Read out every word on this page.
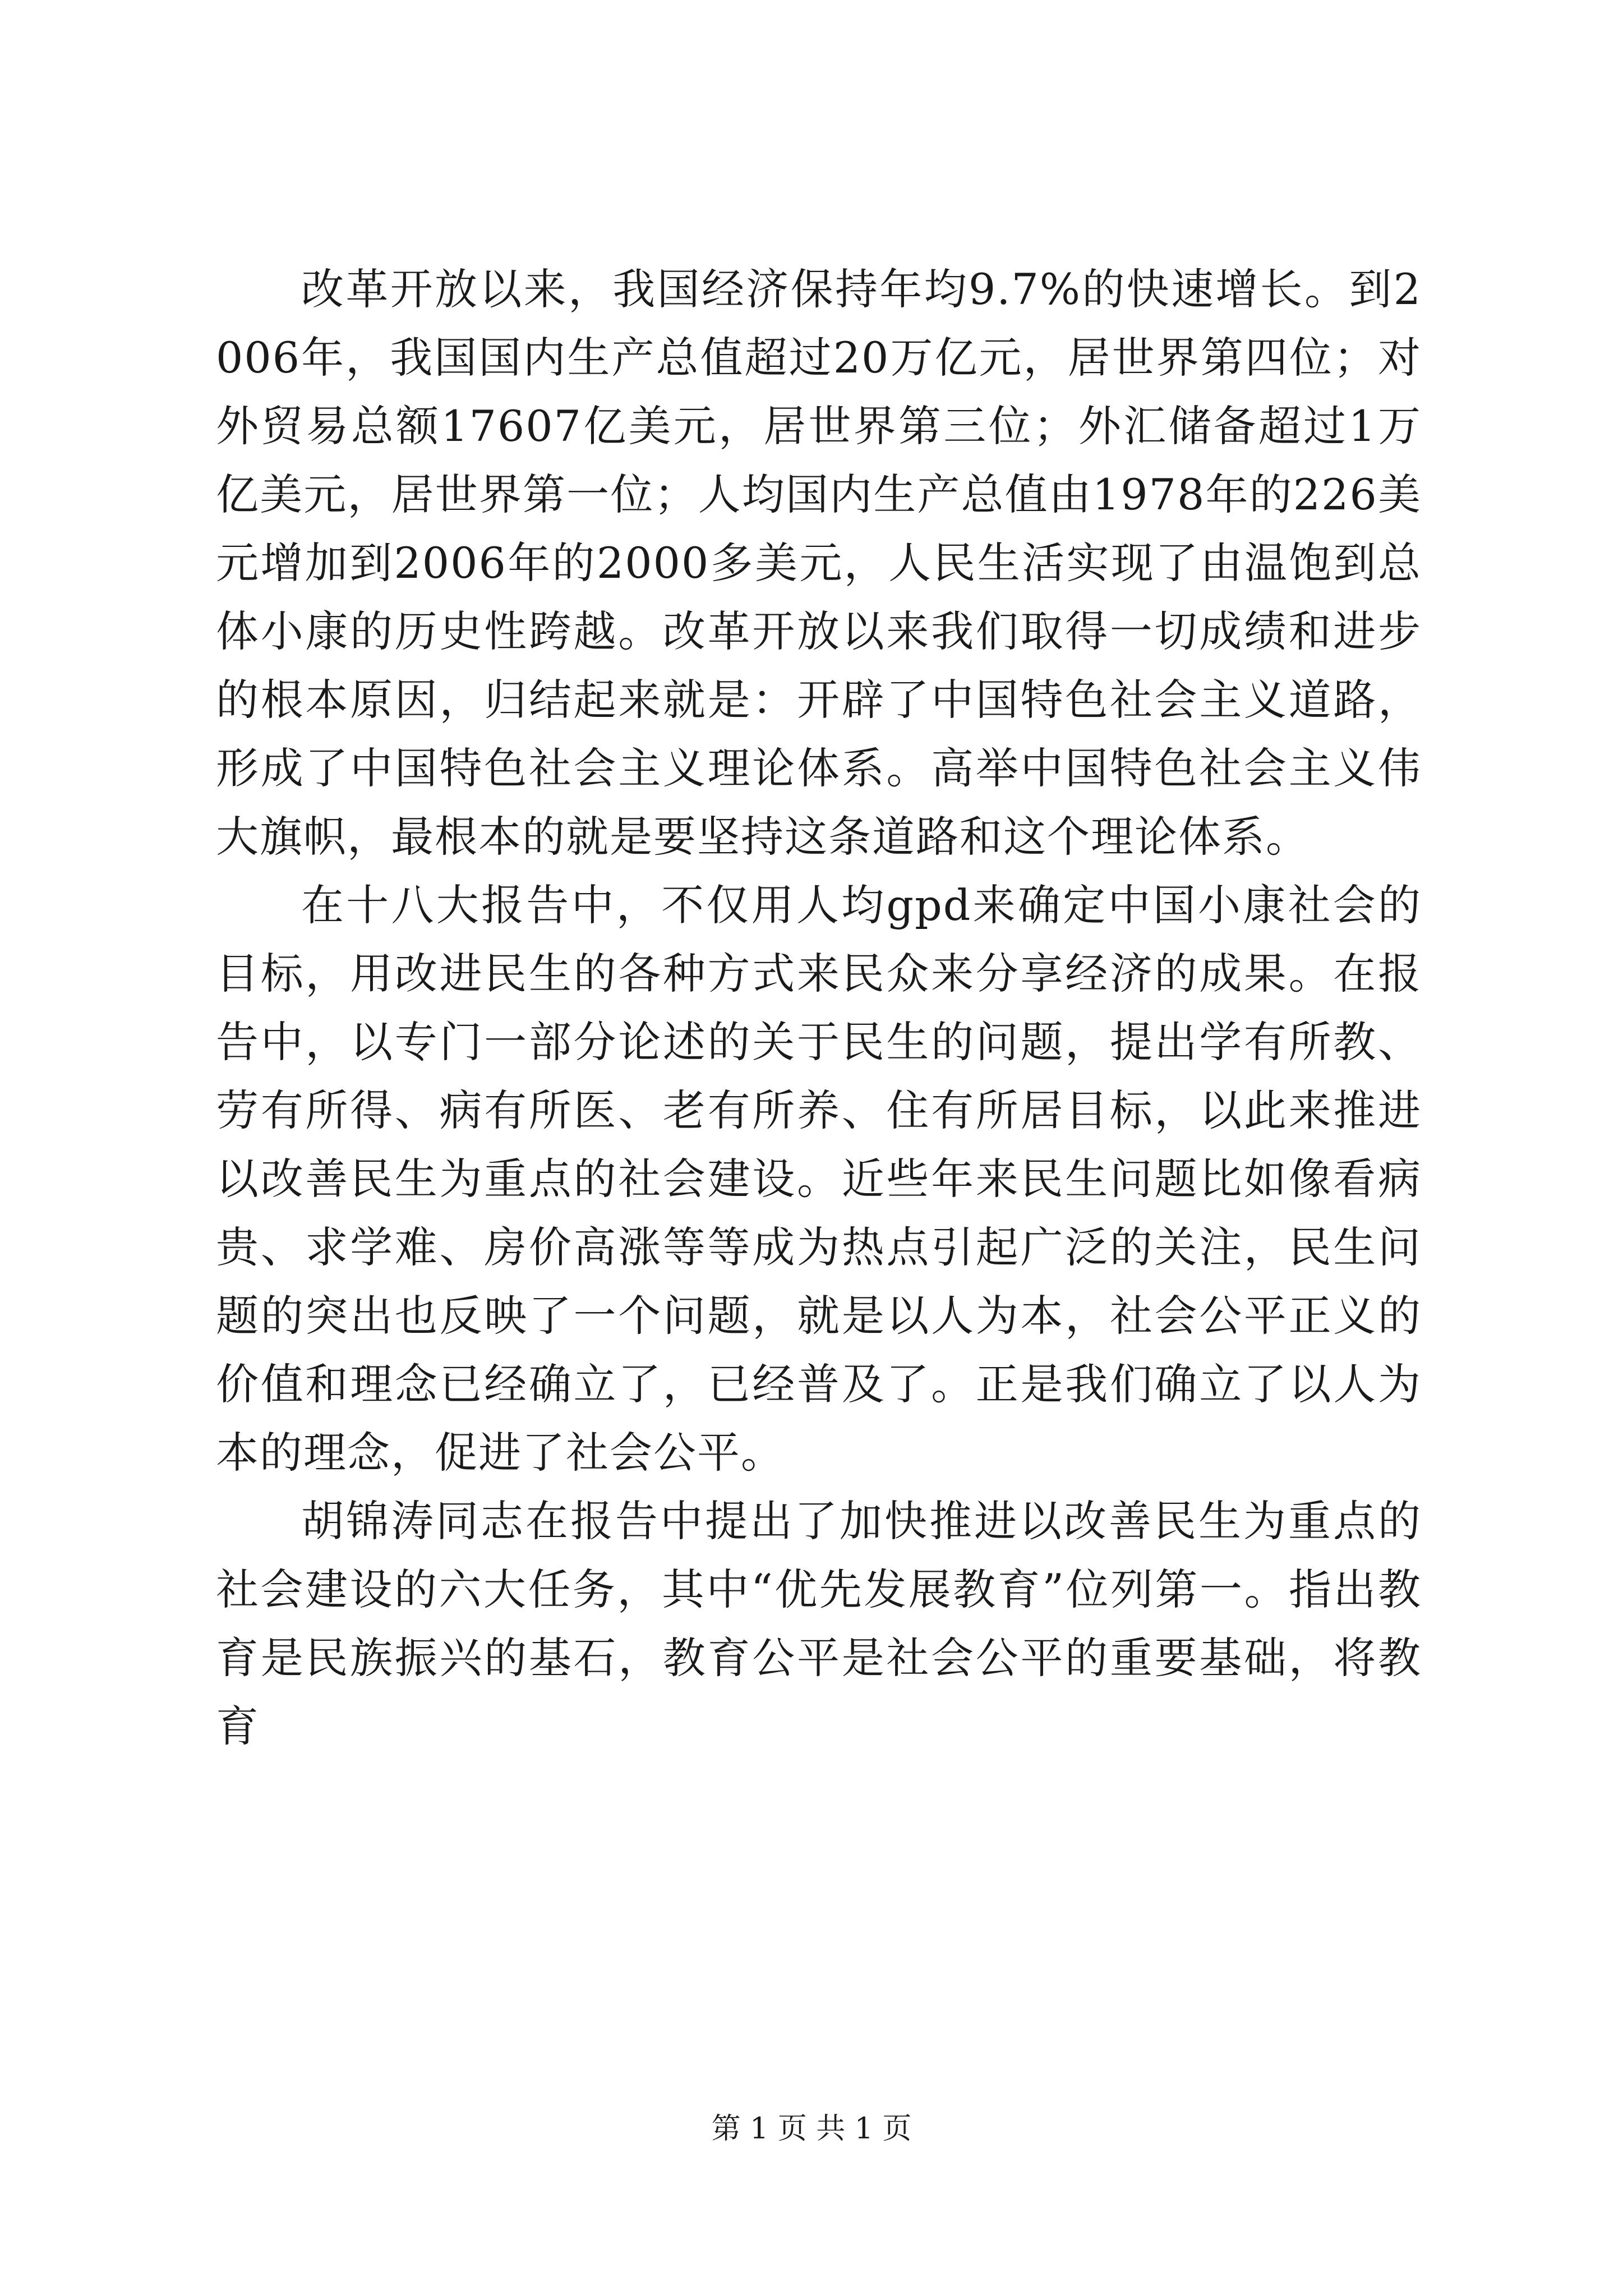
改革开放以来，我国经济保持年均9.7%的快速增长。到2006年，我国国内生产总值超过20万亿元，居世界第四位；对外贸易总额17607亿美元，居世界第三位；外汇储备超过1万亿美元，居世界第一位；人均国内生产总值由1978年的226美元增加到2006年的2000多美元，人民生活实现了由温饱到总体小康的历史性跨越。改革开放以来我们取得一切成绩和进步的根本原因，归结起来就是：开辟了中国特色社会主义道路，形成了中国特色社会主义理论体系。高举中国特色社会主义伟大旗帜，最根本的就是要坚持这条道路和这个理论体系。

在十八大报告中，不仅用人均gpd来确定中国小康社会的目标，用改进民生的各种方式来民众来分享经济的成果。在报告中，以专门一部分论述的关于民生的问题，提出学有所教、劳有所得、病有所医、老有所养、住有所居目标，以此来推进以改善民生为重点的社会建设。近些年来民生问题比如像看病贵、求学难、房价高涨等等成为热点引起广泛的关注，民生问题的突出也反映了一个问题，就是以人为本，社会公平正义的价值和理念已经确立了，已经普及了。正是我们确立了以人为本的理念，促进了社会公平。

胡锦涛同志在报告中提出了加快推进以改善民生为重点的社会建设的六大任务，其中“优先发展教育”位列第一。指出教育是民族振兴的基石，教育公平是社会公平的重要基础，将教育

第 1 页 共 1 页
